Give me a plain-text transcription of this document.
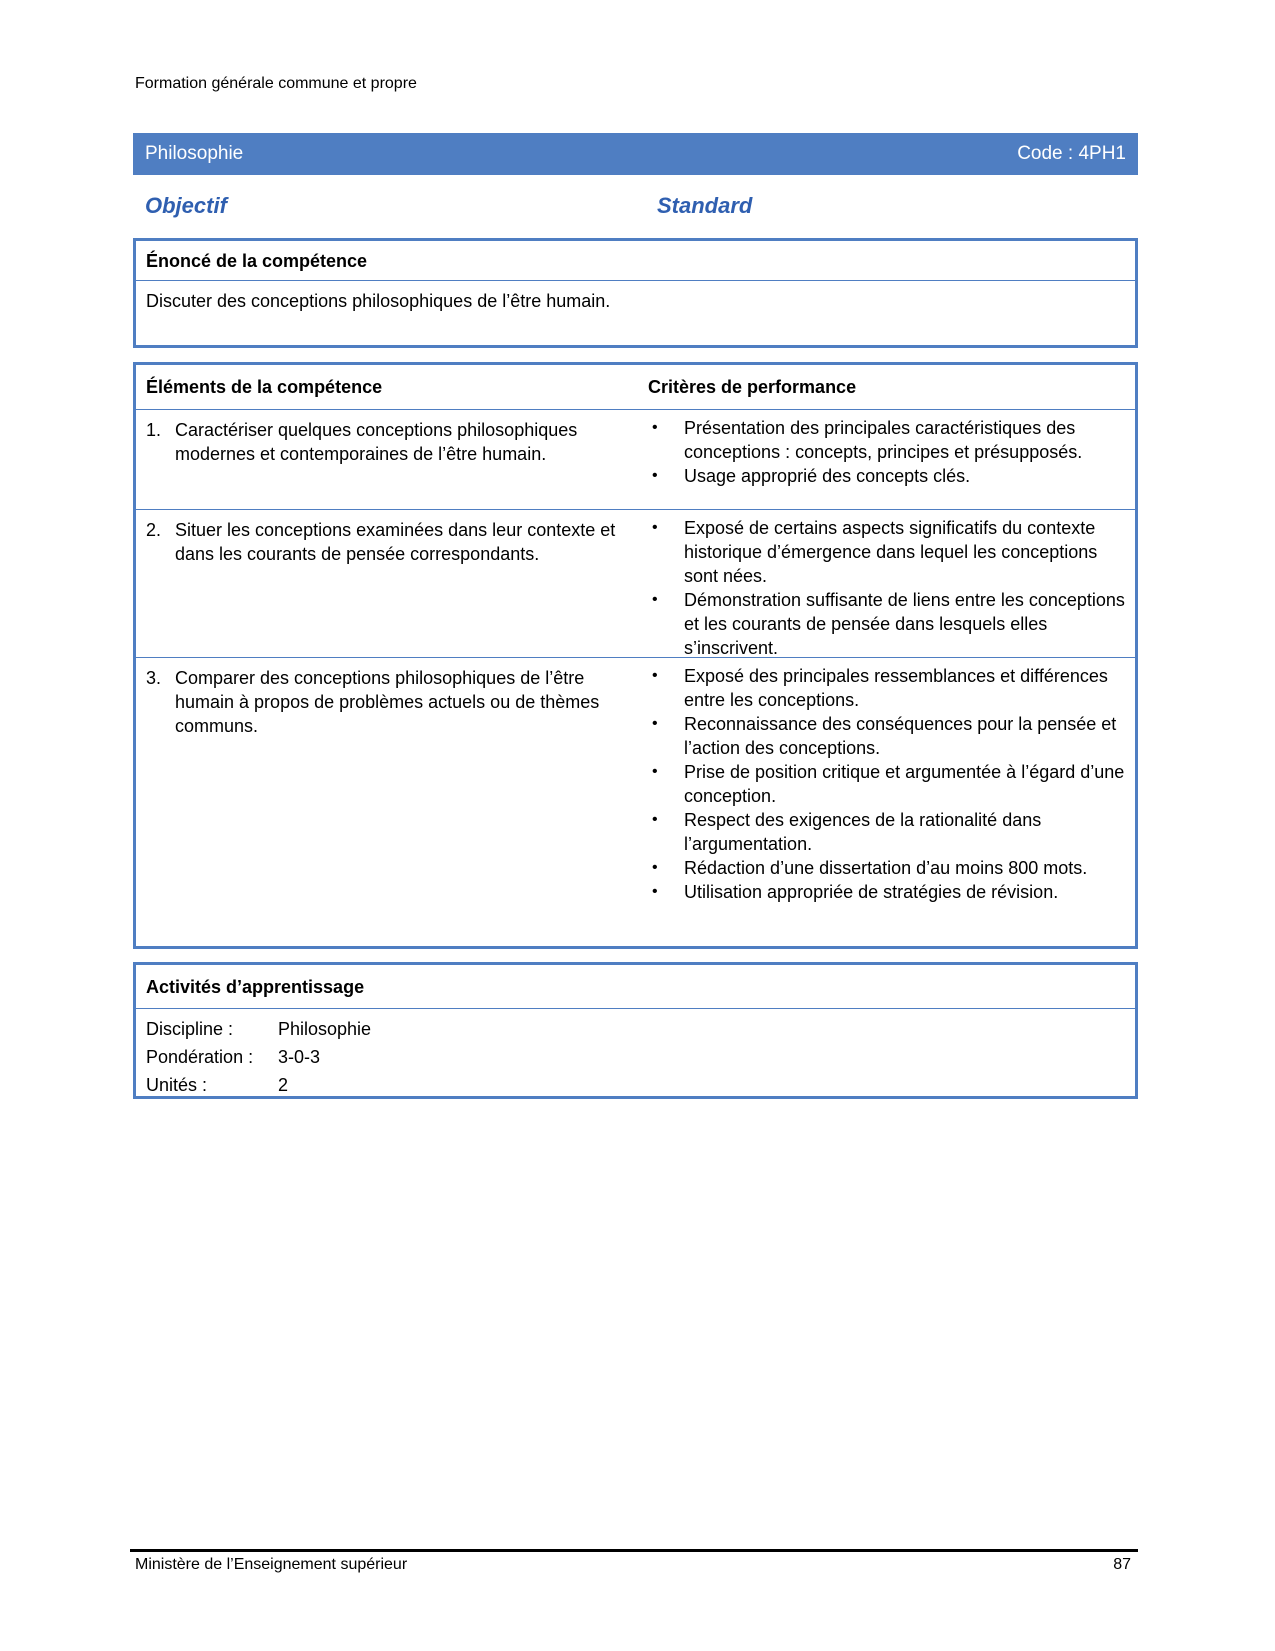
Formation générale commune et propre
Philosophie	Code : 4PH1
Objectif	Standard
Énoncé de la compétence
Discuter des conceptions philosophiques de l’être humain.
Éléments de la compétence	Critères de performance
1. Caractériser quelques conceptions philosophiques modernes et contemporaines de l’être humain.
• Présentation des principales caractéristiques des conceptions : concepts, principes et présupposés.
• Usage approprié des concepts clés.
2. Situer les conceptions examinées dans leur contexte et dans les courants de pensée correspondants.
• Exposé de certains aspects significatifs du contexte historique d’émergence dans lequel les conceptions sont nées.
• Démonstration suffisante de liens entre les conceptions et les courants de pensée dans lesquels elles s’inscrivent.
3. Comparer des conceptions philosophiques de l’être humain à propos de problèmes actuels ou de thèmes communs.
• Exposé des principales ressemblances et différences entre les conceptions.
• Reconnaissance des conséquences pour la pensée et l’action des conceptions.
• Prise de position critique et argumentée à l’égard d’une conception.
• Respect des exigences de la rationalité dans l’argumentation.
• Rédaction d’une dissertation d’au moins 800 mots.
• Utilisation appropriée de stratégies de révision.
Activités d’apprentissage
Discipline : Philosophie
Pondération : 3-0-3
Unités :	2
Ministère de l’Enseignement supérieur	87
